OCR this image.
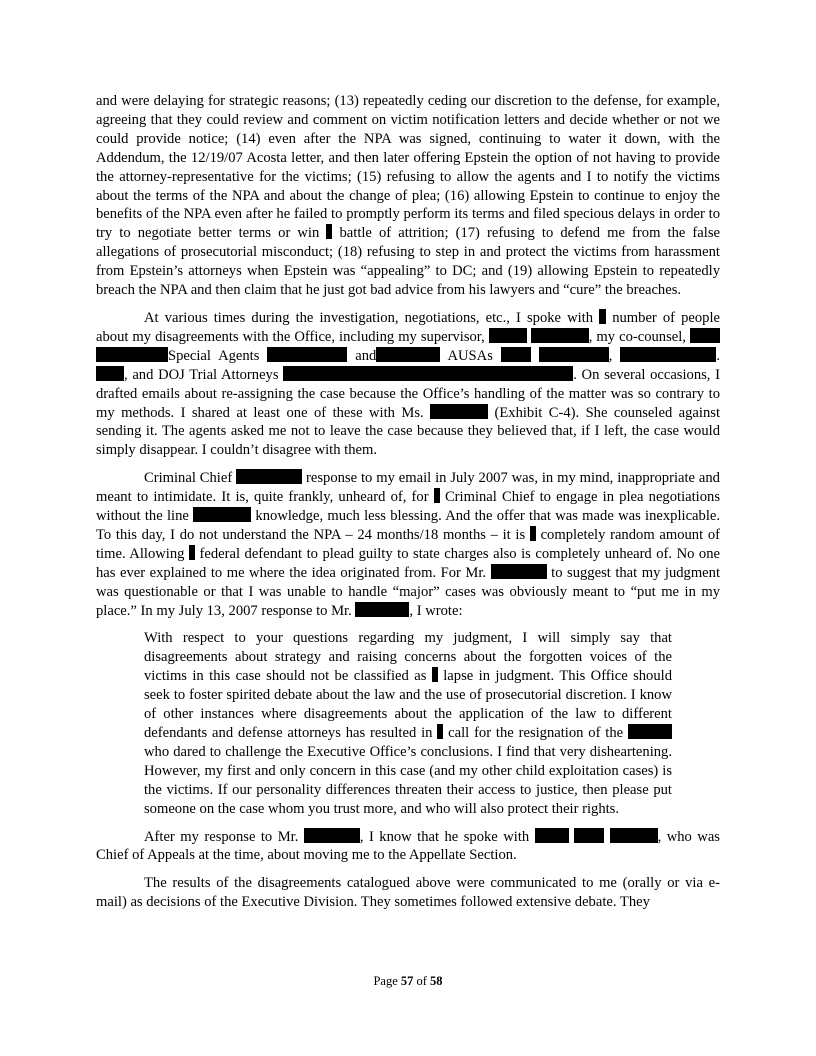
and were delaying for strategic reasons; (13) repeatedly ceding our discretion to the defense, for example, agreeing that they could review and comment on victim notification letters and decide whether or not we could provide notice; (14) even after the NPA was signed, continuing to water it down, with the Addendum, the 12/19/07 Acosta letter, and then later offering Epstein the option of not having to provide the attorney-representative for the victims; (15) refusing to allow the agents and I to notify the victims about the terms of the NPA and about the change of plea; (16) allowing Epstein to continue to enjoy the benefits of the NPA even after he failed to promptly perform its terms and filed specious delays in order to try to negotiate better terms or win battle of attrition; (17) refusing to defend me from the false allegations of prosecutorial misconduct; (18) refusing to step in and protect the victims from harassment from Epstein’s attorneys when Epstein was “appealing” to DC; and (19) allowing Epstein to repeatedly breach the NPA and then claim that he just got bad advice from his lawyers and “cure” the breaches.

At various times during the investigation, negotiations, etc., I spoke with number of people about my disagreements with the Office, including my supervisor,	, my co-counsel,  Special Agents	and	AUSAs	,	. , and DOJ Trial Attorneys	. On several occasions, I drafted emails about re-assigning the case because the Office’s handling of the matter was so contrary to my methods. I shared at least one of these with Ms.	(Exhibit C-4). She counseled against sending it. The agents asked me not to leave the case because they believed that, if I left, the case would simply disappear. I couldn’t disagree with them.

Criminal Chief	response to my email in July 2007 was, in my mind, inappropriate and meant to intimidate. It is, quite frankly, unheard of, for Criminal Chief to engage in plea negotiations without the line	knowledge, much less blessing. And the offer that was made was inexplicable. To this day, I do not understand the NPA – 24 months/18 months – it is completely random amount of time. Allowing federal defendant to plead guilty to state charges also is completely unheard of. No one has ever explained to me where the idea originated from. For Mr.	to suggest that my judgment was questionable or that I was unable to handle “major” cases was obviously meant to “put me in my place.” In my July 13, 2007 response to Mr.	, I wrote:

With respect to your questions regarding my judgment, I will simply say that disagreements about strategy and raising concerns about the forgotten voices of the victims in this case should not be classified as lapse in judgment. This Office should seek to foster spirited debate about the law and the use of prosecutorial discretion. I know of other instances where disagreements about the application of the law to different defendants and defense attorneys has resulted in call for the resignation of the  who dared to challenge the Executive Office’s conclusions. I find that very disheartening. However, my first and only concern in this case (and my other child exploitation cases) is the victims. If our personality differences threaten their access to justice, then please put someone on the case whom you trust more, and who will also protect their rights.

After my response to Mr.	, I know that he spoke with	, who was Chief of Appeals at the time, about moving me to the Appellate Section.

The results of the disagreements catalogued above were communicated to me (orally or via e-mail) as decisions of the Executive Division. They sometimes followed extensive debate. They

Page 57 of 58
